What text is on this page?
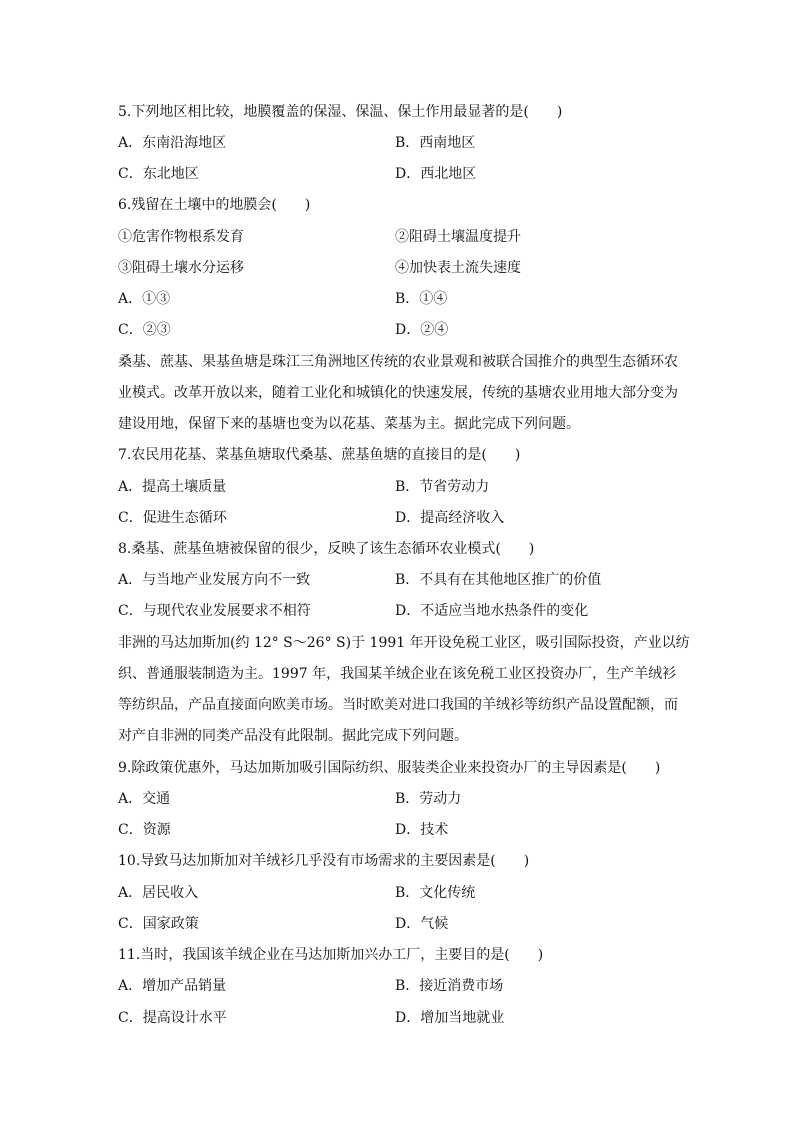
5.下列地区相比较，地膜覆盖的保湿、保温、保土作用最显著的是(　　)
A．东南沿海地区	B．西南地区
C．东北地区	D．西北地区
6.残留在土壤中的地膜会(　　)
①危害作物根系发育	②阻碍土壤温度提升
③阻碍土壤水分运移	④加快表土流失速度
A．①③	B．①④
C．②③	D．②④
桑基、蔗基、果基鱼塘是珠江三角洲地区传统的农业景观和被联合国推介的典型生态循环农
业模式。改革开放以来，随着工业化和城镇化的快速发展，传统的基塘农业用地大部分变为
建设用地，保留下来的基塘也变为以花基、菜基为主。据此完成下列问题。
7.农民用花基、菜基鱼塘取代桑基、蔗基鱼塘的直接目的是(　　)
A．提高土壤质量	B．节省劳动力
C．促进生态循环	D．提高经济收入
8.桑基、蔗基鱼塘被保留的很少，反映了该生态循环农业模式(　　)
A．与当地产业发展方向不一致	B．不具有在其他地区推广的价值
C．与现代农业发展要求不相符	D．不适应当地水热条件的变化
非洲的马达加斯加(约 12° S～26° S)于 1991 年开设免税工业区，吸引国际投资，产业以纺
织、普通服装制造为主。1997 年，我国某羊绒企业在该免税工业区投资办厂，生产羊绒衫
等纺织品，产品直接面向欧美市场。当时欧美对进口我国的羊绒衫等纺织产品设置配额，而
对产自非洲的同类产品没有此限制。据此完成下列问题。
9.除政策优惠外，马达加斯加吸引国际纺织、服装类企业来投资办厂的主导因素是(　　)
A．交通	B．劳动力
C．资源	D．技术
10.导致马达加斯加对羊绒衫几乎没有市场需求的主要因素是(　　)
A．居民收入	B．文化传统
C．国家政策	D．气候
11.当时，我国该羊绒企业在马达加斯加兴办工厂，主要目的是(　　)
A．增加产品销量	B．接近消费市场
C．提高设计水平	D．增加当地就业
